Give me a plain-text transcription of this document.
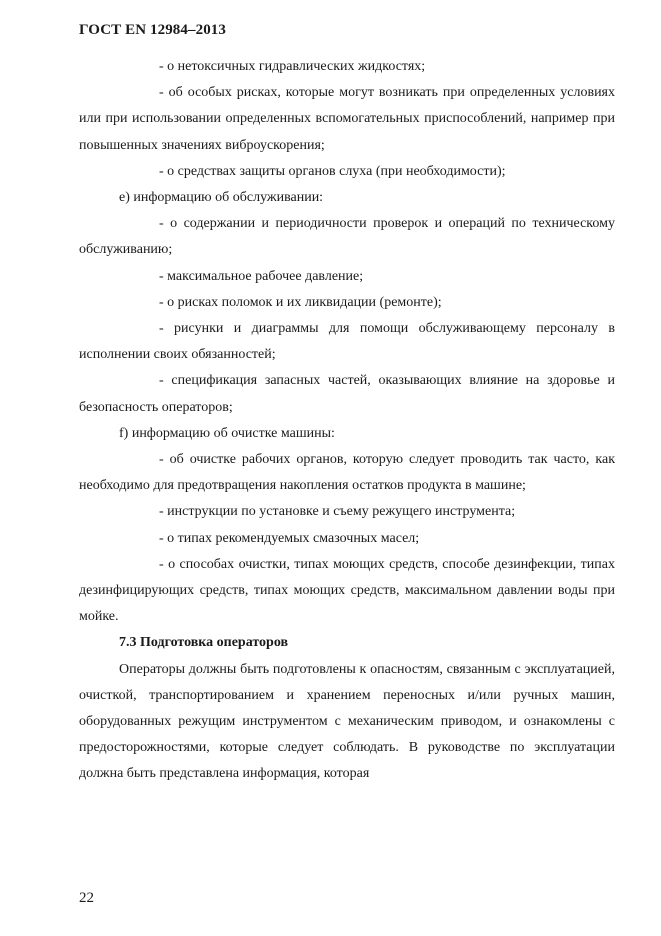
ГОСТ EN 12984–2013

- о нетоксичных гидравлических жидкостях;

- об особых рисках, которые могут возникать при определенных условиях или при использовании определенных вспомогательных приспособлений, например при повышенных значениях виброускорения;

- о средствах защиты органов слуха (при необходимости);

e) информацию об обслуживании:

- о содержании и периодичности проверок и операций по техническому обслуживанию;

- максимальное рабочее давление;

- о рисках поломок и их ликвидации (ремонте);

- рисунки и диаграммы для помощи обслуживающему персоналу в исполнении своих обязанностей;

- спецификация запасных частей, оказывающих влияние на здоровье и безопасность операторов;

f) информацию об очистке машины:

- об очистке рабочих органов, которую следует проводить так часто, как необходимо для предотвращения накопления остатков продукта в машине;

- инструкции по установке и съему режущего инструмента;

- о типах рекомендуемых смазочных масел;

- о способах очистки, типах моющих средств, способе дезинфекции, типах дезинфицирующих средств, типах моющих средств, максимальном давлении воды при мойке.

7.3 Подготовка операторов

Операторы должны быть подготовлены к опасностям, связанным с эксплуатацией, очисткой, транспортированием и хранением переносных и/или ручных машин, оборудованных режущим инструментом с механическим приводом, и ознакомлены с предосторожностями, которые следует соблюдать. В руководстве по эксплуатации должна быть представлена информация, которая

22
